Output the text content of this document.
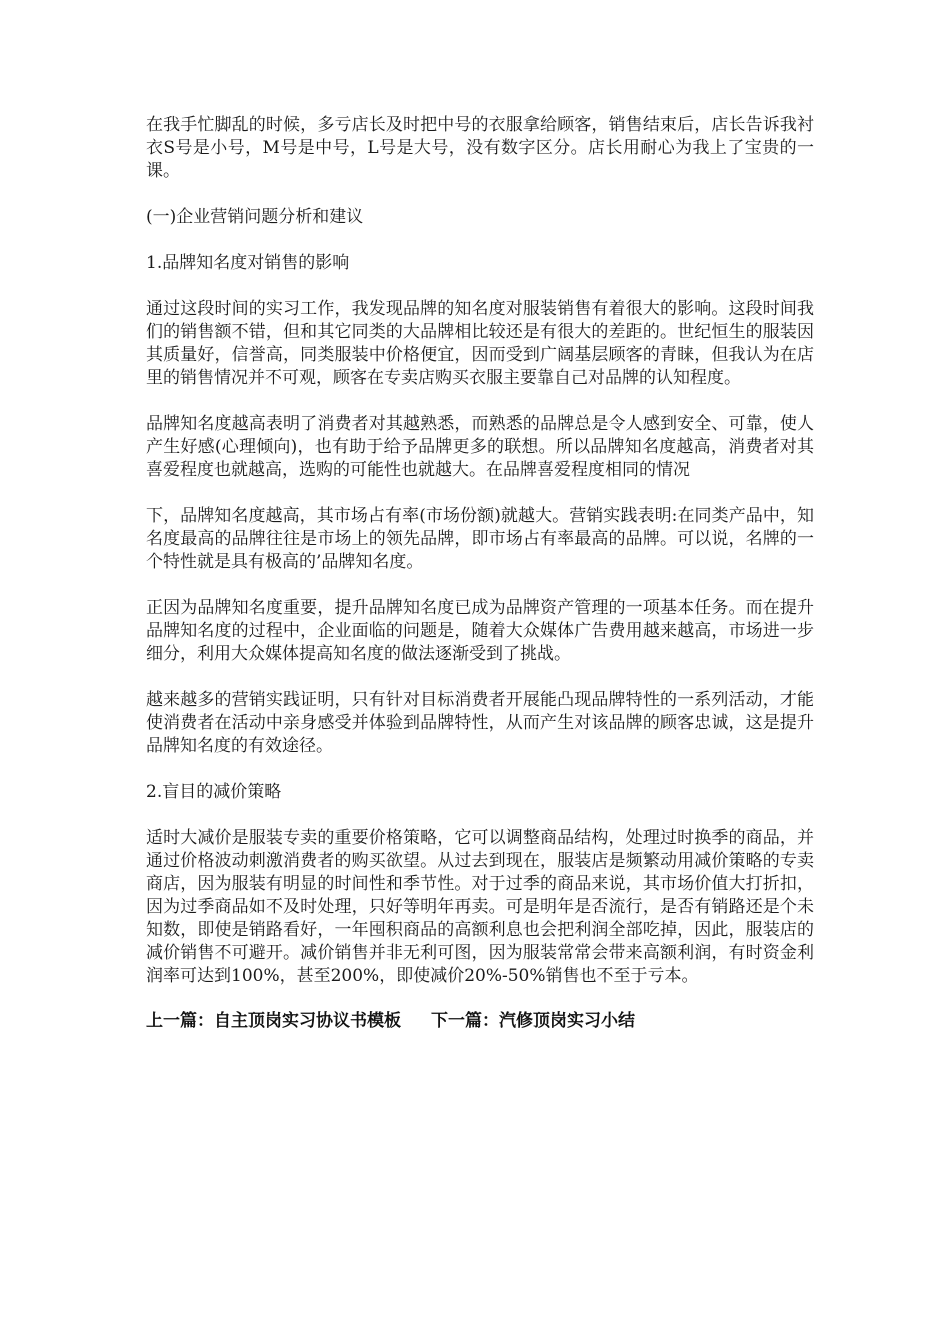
在我手忙脚乱的时候，多亏店长及时把中号的衣服拿给顾客，销售结束后，店长告诉我衬衣S号是小号，M号是中号，L号是大号，没有数字区分。店长用耐心为我上了宝贵的一课。

(一)企业营销问题分析和建议

1.品牌知名度对销售的影响

通过这段时间的实习工作，我发现品牌的知名度对服装销售有着很大的影响。这段时间我们的销售额不错，但和其它同类的大品牌相比较还是有很大的差距的。世纪恒生的服装因其质量好，信誉高，同类服装中价格便宜，因而受到广阔基层顾客的青睐，但我认为在店里的销售情况并不可观，顾客在专卖店购买衣服主要靠自己对品牌的认知程度。

品牌知名度越高表明了消费者对其越熟悉，而熟悉的品牌总是令人感到安全、可靠，使人产生好感(心理倾向)，也有助于给予品牌更多的联想。所以品牌知名度越高，消费者对其喜爱程度也就越高，选购的可能性也就越大。在品牌喜爱程度相同的情况

下，品牌知名度越高，其市场占有率(市场份额)就越大。营销实践表明:在同类产品中，知名度最高的品牌往往是市场上的领先品牌，即市场占有率最高的品牌。可以说，名牌的一个特性就是具有极高的’品牌知名度。

正因为品牌知名度重要，提升品牌知名度已成为品牌资产管理的一项基本任务。而在提升品牌知名度的过程中，企业面临的问题是，随着大众媒体广告费用越来越高，市场进一步细分，利用大众媒体提高知名度的做法逐渐受到了挑战。

越来越多的营销实践证明，只有针对目标消费者开展能凸现品牌特性的一系列活动，才能使消费者在活动中亲身感受并体验到品牌特性，从而产生对该品牌的顾客忠诚，这是提升品牌知名度的有效途径。

2.盲目的减价策略

适时大减价是服装专卖的重要价格策略，它可以调整商品结构，处理过时换季的商品，并通过价格波动刺激消费者的购买欲望。从过去到现在，服装店是频繁动用减价策略的专卖商店，因为服装有明显的时间性和季节性。对于过季的商品来说，其市场价值大打折扣，因为过季商品如不及时处理，只好等明年再卖。可是明年是否流行，是否有销路还是个未知数，即使是销路看好，一年囤积商品的高额利息也会把利润全部吃掉，因此，服装店的减价销售不可避开。减价销售并非无利可图，因为服装常常会带来高额利润，有时资金利润率可达到100%，甚至200%，即使减价20%-50%销售也不至于亏本。

上一篇：自主顶岗实习协议书模板 下一篇：汽修顶岗实习小结
